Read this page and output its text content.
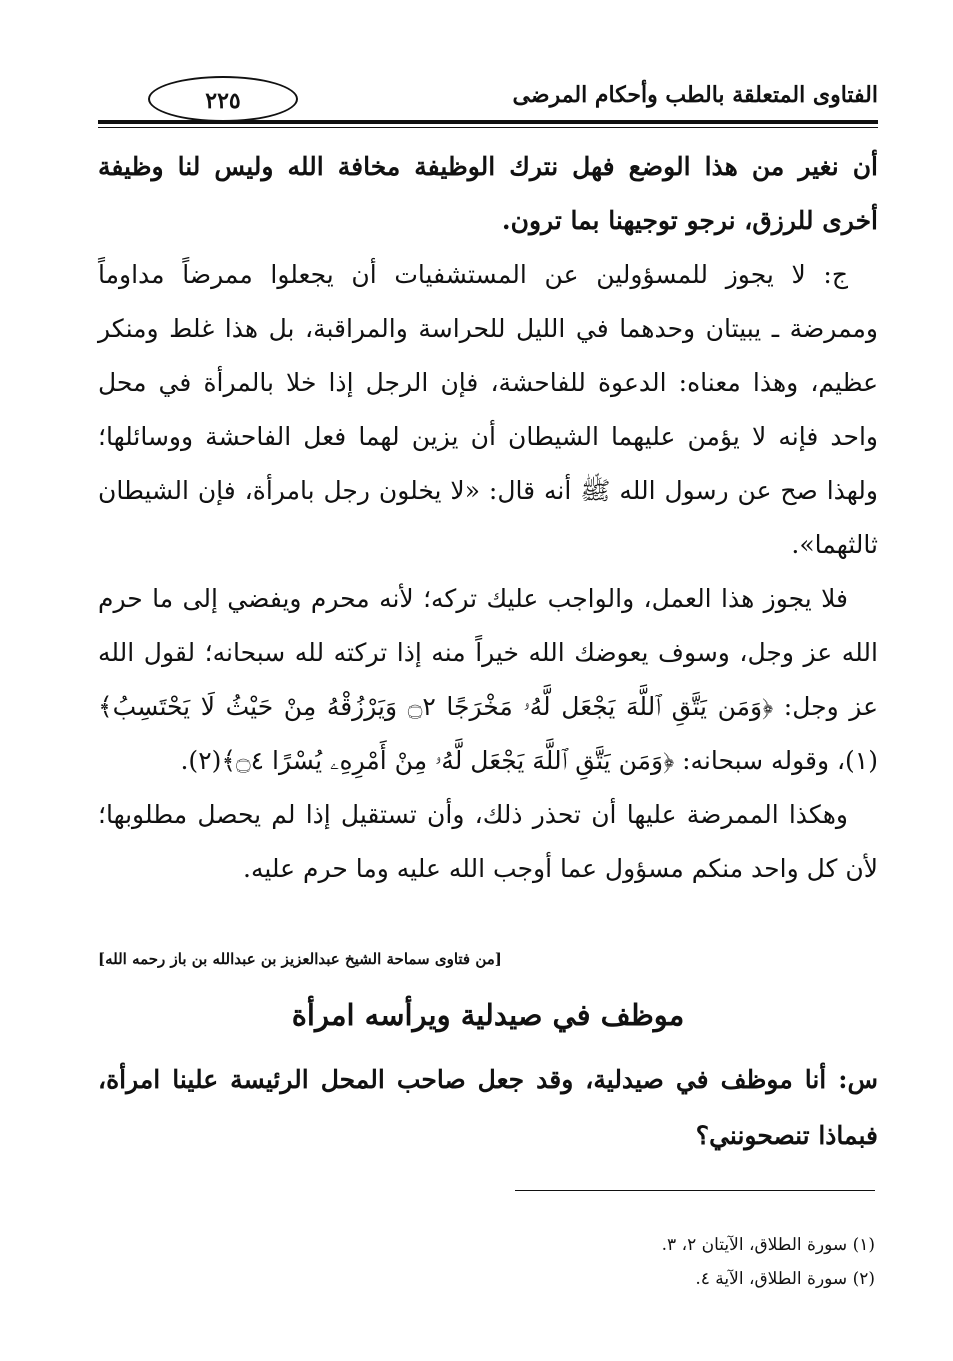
الفتاوى المتعلقة بالطب وأحكام المرضى
٢٢٥

أن نغير من هذا الوضع فهل نترك الوظيفة مخافة الله وليس لنا وظيفة أخرى للرزق، نرجو توجيهنا بما ترون.

ج: لا يجوز للمسؤولين عن المستشفيات أن يجعلوا ممرضاً مداوماً وممرضة ـ يبيتان وحدهما في الليل للحراسة والمراقبة، بل هذا غلط ومنكر عظيم، وهذا معناه: الدعوة للفاحشة، فإن الرجل إذا خلا بالمرأة في محل واحد فإنه لا يؤمن عليهما الشيطان أن يزين لهما فعل الفاحشة ووسائلها؛ ولهذا صح عن رسول الله ﷺ أنه قال: «لا يخلون رجل بامرأة، فإن الشيطان ثالثهما».

فلا يجوز هذا العمل، والواجب عليك تركه؛ لأنه محرم ويفضي إلى ما حرم الله عز وجل، وسوف يعوضك الله خيراً منه إذا تركته لله سبحانه؛ لقول الله عز وجل: ﴿وَمَن يَتَّقِ ٱللَّهَ يَجْعَل لَّهُۥ مَخْرَجًا ۝٢ وَيَرْزُقْهُ مِنْ حَيْثُ لَا يَحْتَسِبُ﴾(١)، وقوله سبحانه: ﴿وَمَن يَتَّقِ ٱللَّهَ يَجْعَل لَّهُۥ مِنْ أَمْرِهِۦ يُسْرًا ۝٤﴾(٢).

وهكذا الممرضة عليها أن تحذر ذلك، وأن تستقيل إذا لم يحصل مطلوبها؛ لأن كل واحد منكم مسؤول عما أوجب الله عليه وما حرم عليه.

[من فتاوى سماحة الشيخ عبدالعزيز بن عبدالله بن باز رحمه الله]
موظف في صيدلية ويرأسه امرأة
س: أنا موظف في صيدلية، وقد جعل صاحب المحل الرئيسة علينا امرأة، فبماذا تنصحونني؟
(١) سورة الطلاق، الآيتان ٢، ٣.
(٢) سورة الطلاق، الآية ٤.
